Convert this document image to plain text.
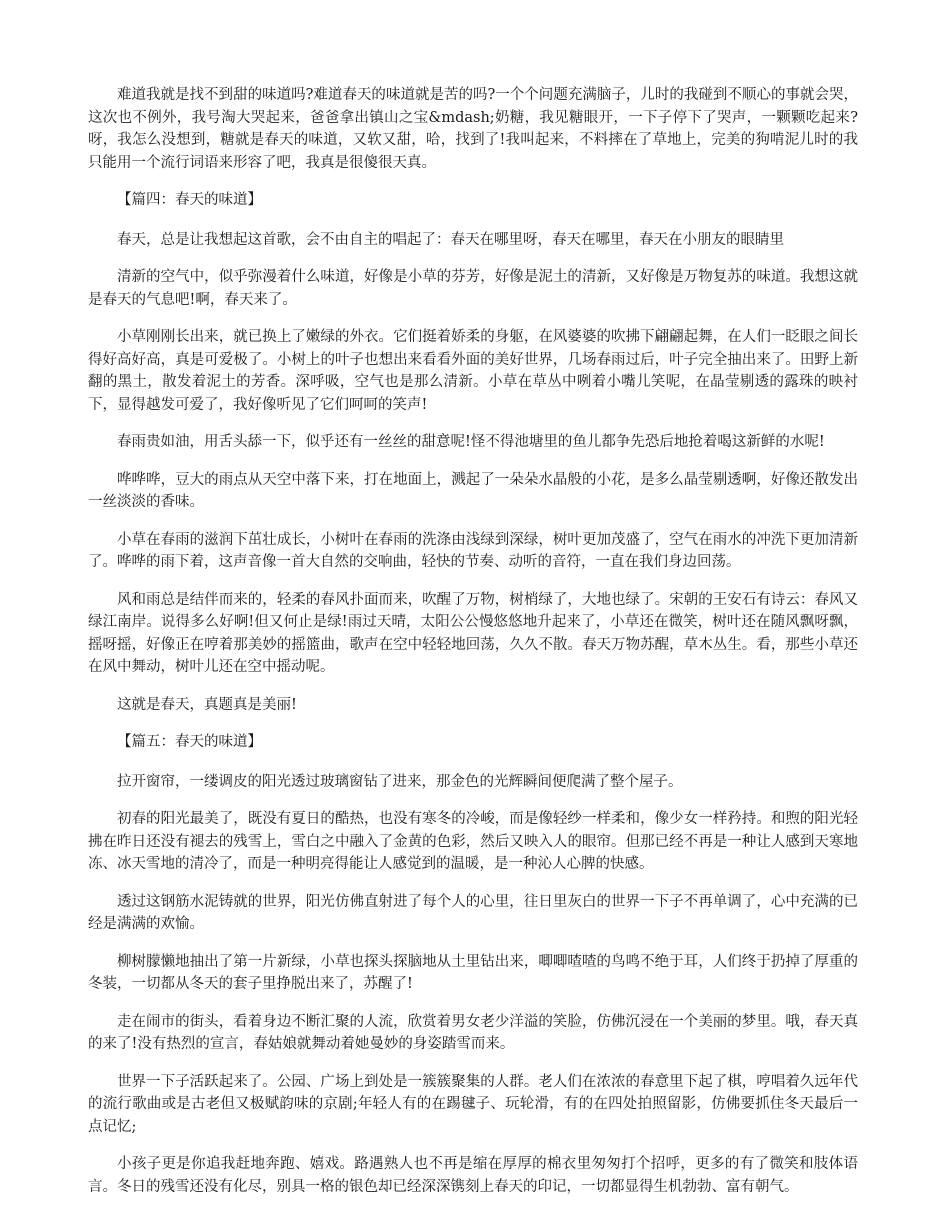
难道我就是找不到甜的味道吗?难道春天的味道就是苦的吗?一个个问题充满脑子，儿时的我碰到不顺心的事就会哭，这次也不例外，我号淘大哭起来，爸爸拿出镇山之宝&mdash;奶糖，我见糖眼开，一下子停下了哭声，一颗颗吃起来?呀，我怎么没想到，糖就是春天的味道，又软又甜，哈，找到了!我叫起来，不料摔在了草地上，完美的狗啃泥儿时的我只能用一个流行词语来形容了吧，我真是很傻很天真。

【篇四：春天的味道】

春天，总是让我想起这首歌，会不由自主的唱起了：春天在哪里呀，春天在哪里，春天在小朋友的眼睛里

清新的空气中，似乎弥漫着什么味道，好像是小草的芬芳，好像是泥土的清新，又好像是万物复苏的味道。我想这就是春天的气息吧!啊，春天来了。

小草刚刚长出来，就已换上了嫩绿的外衣。它们挺着娇柔的身躯，在风婆婆的吹拂下翩翩起舞，在人们一眨眼之间长得好高好高，真是可爱极了。小树上的叶子也想出来看看外面的美好世界，几场春雨过后，叶子完全抽出来了。田野上新翻的黑土，散发着泥土的芳香。深呼吸，空气也是那么清新。小草在草丛中咧着小嘴儿笑呢，在晶莹剔透的露珠的映衬下，显得越发可爱了，我好像听见了它们呵呵的笑声!

春雨贵如油，用舌头舔一下，似乎还有一丝丝的甜意呢!怪不得池塘里的鱼儿都争先恐后地抢着喝这新鲜的水呢!

哗哗哗，豆大的雨点从天空中落下来，打在地面上，溅起了一朵朵水晶般的小花，是多么晶莹剔透啊，好像还散发出一丝淡淡的香味。

小草在春雨的滋润下茁壮成长，小树叶在春雨的洗涤由浅绿到深绿，树叶更加茂盛了，空气在雨水的冲洗下更加清新了。哗哗的雨下着，这声音像一首大自然的交响曲，轻快的节奏、动听的音符，一直在我们身边回荡。

风和雨总是结伴而来的，轻柔的春风扑面而来，吹醒了万物，树梢绿了，大地也绿了。宋朝的王安石有诗云：春风又绿江南岸。说得多么好啊!但又何止是绿!雨过天晴，太阳公公慢悠悠地升起来了，小草还在微笑，树叶还在随风飘呀飘，摇呀摇，好像正在哼着那美妙的摇篮曲，歌声在空中轻轻地回荡，久久不散。春天万物苏醒，草木丛生。看，那些小草还在风中舞动，树叶儿还在空中摇动呢。

这就是春天，真题真是美丽!

【篇五：春天的味道】

拉开窗帘，一缕调皮的阳光透过玻璃窗钻了进来，那金色的光辉瞬间便爬满了整个屋子。

初春的阳光最美了，既没有夏日的酷热，也没有寒冬的冷峻，而是像轻纱一样柔和，像少女一样矜持。和煦的阳光轻拂在昨日还没有褪去的残雪上，雪白之中融入了金黄的色彩，然后又映入人的眼帘。但那已经不再是一种让人感到天寒地冻、冰天雪地的清冷了，而是一种明亮得能让人感觉到的温暖，是一种沁人心脾的快感。

透过这钢筋水泥铸就的世界，阳光仿佛直射进了每个人的心里，往日里灰白的世界一下子不再单调了，心中充满的已经是满满的欢愉。

柳树朦懒地抽出了第一片新绿，小草也探头探脑地从土里钻出来，唧唧喳喳的鸟鸣不绝于耳，人们终于扔掉了厚重的冬装，一切都从冬天的套子里挣脱出来了，苏醒了!

走在闹市的街头，看着身边不断汇聚的人流，欣赏着男女老少洋溢的笑脸，仿佛沉浸在一个美丽的梦里。哦，春天真的来了!没有热烈的宣言，春姑娘就舞动着她曼妙的身姿踏雪而来。

世界一下子活跃起来了。公园、广场上到处是一簇簇聚集的人群。老人们在浓浓的春意里下起了棋，哼唱着久远年代的流行歌曲或是古老但又极赋韵味的京剧;年轻人有的在踢毽子、玩轮滑，有的在四处拍照留影，仿佛要抓住冬天最后一点记忆;

小孩子更是你追我赶地奔跑、嬉戏。路遇熟人也不再是缩在厚厚的棉衣里匆匆打个招呼，更多的有了微笑和肢体语言。冬日的残雪还没有化尽，别具一格的银色却已经深深镌刻上春天的印记，一切都显得生机勃勃、富有朝气。
